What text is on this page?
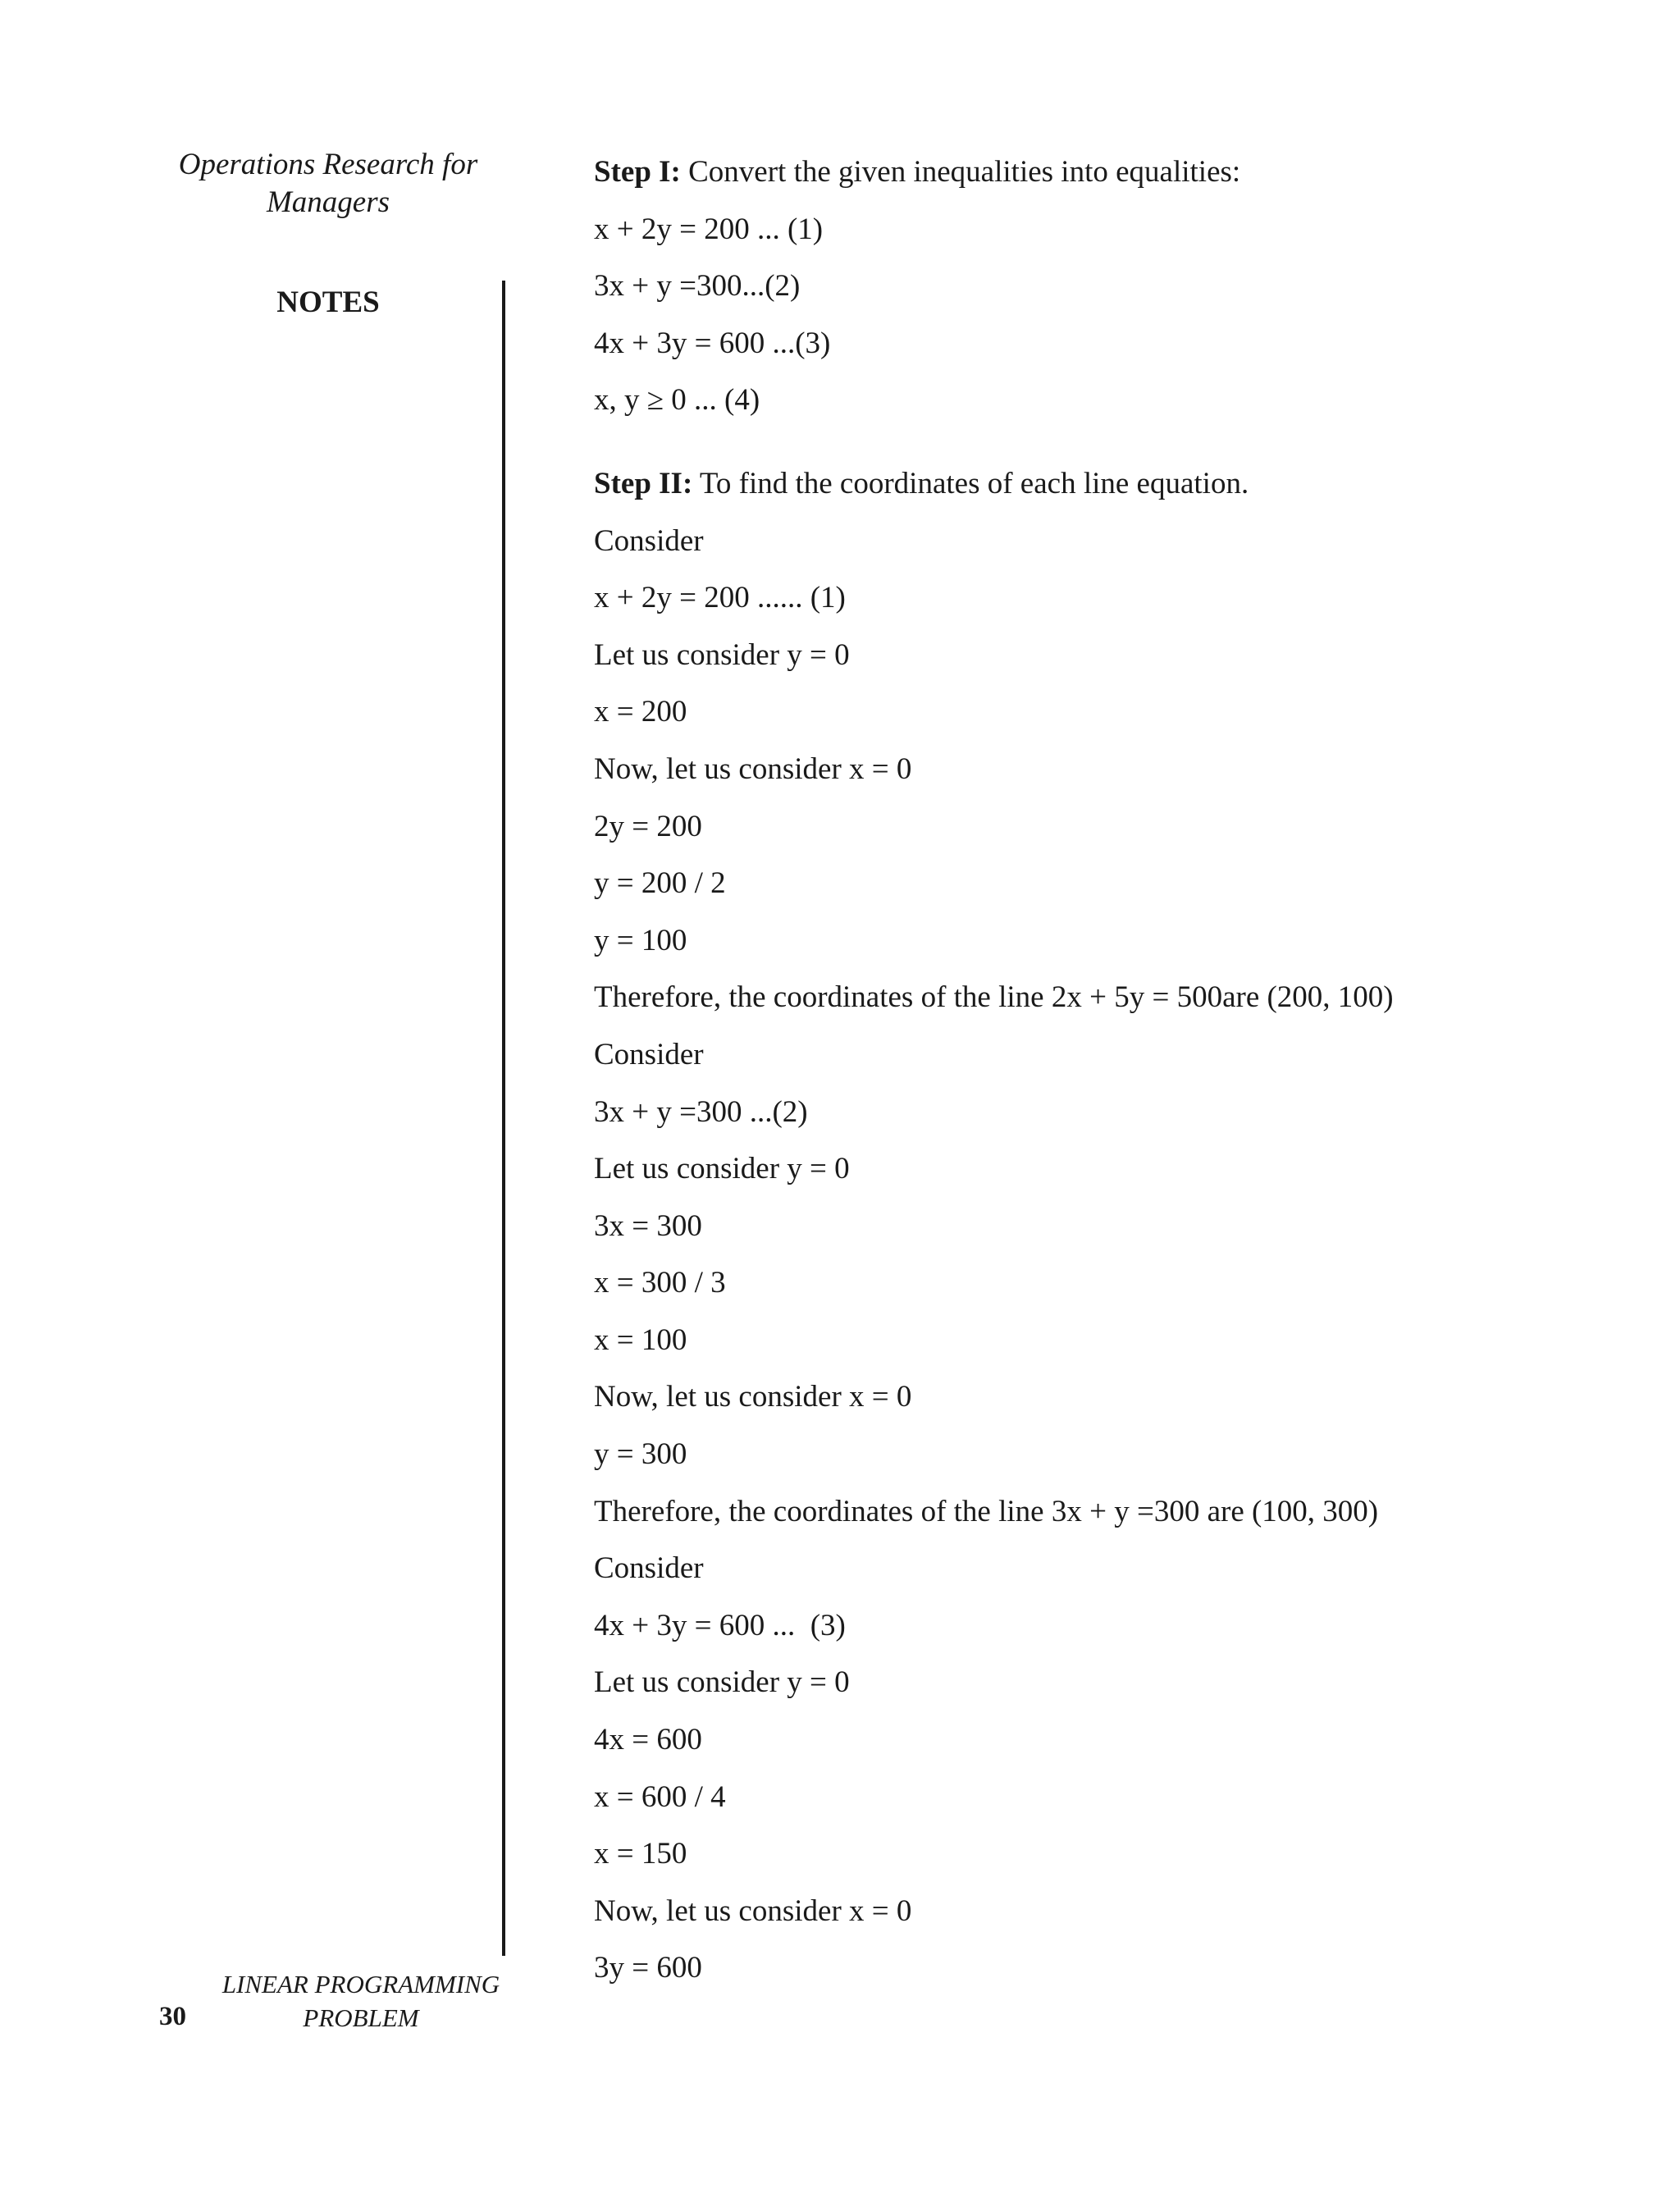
Operations Research for
Managers
NOTES
LINEAR PROGRAMMING
PROBLEM
30
Step I: Convert the given inequalities into equalities:
x + 2y = 200 ... (1)
3x + y =300...(2)
4x + 3y = 600 ...(3)
x, y ≥ 0 ... (4)
Step II: To find the coordinates of each line equation.
Consider
x + 2y = 200 ...... (1)
Let us consider y = 0
x = 200
Now, let us consider x = 0
2y = 200
y = 200 / 2
y = 100
Therefore, the coordinates of the line 2x + 5y = 500are (200, 100)
Consider
3x + y =300 ...(2)
Let us consider y = 0
3x = 300
x = 300 / 3
x = 100
Now, let us consider x = 0
y = 300
Therefore, the coordinates of the line 3x + y =300 are (100, 300)
Consider
4x + 3y = 600 ...  (3)
Let us consider y = 0
4x = 600
x = 600 / 4
x = 150
Now, let us consider x = 0
3y = 600
